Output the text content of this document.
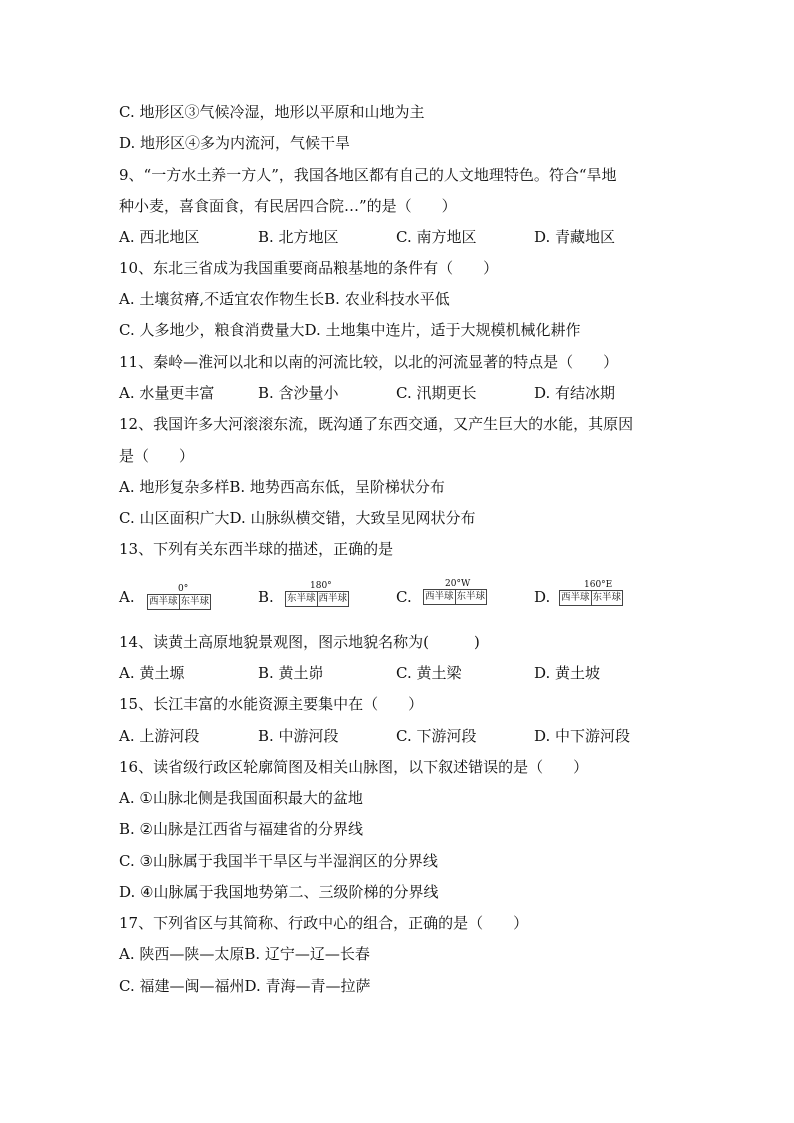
C. 地形区③气候冷湿，地形以平原和山地为主
D. 地形区④多为内流河，气候干旱
9、“一方水土养一方人”，我国各地区都有自己的人文地理特色。符合“旱地
种小麦，喜食面食，有民居四合院…”的是（　　）
A. 西北地区	B. 北方地区	C. 南方地区	D. 青藏地区
10、东北三省成为我国重要商品粮基地的条件有（　　）
A. 土壤贫瘠,不适宜农作物生长B. 农业科技水平低
C. 人多地少，粮食消费量大D. 土地集中连片，适于大规模机械化耕作
11、秦岭—淮河以北和以南的河流比较，以北的河流显著的特点是（　　）
A. 水量更丰富	B. 含沙量小	C. 汛期更长	D. 有结冰期
12、我国许多大河滚滚东流，既沟通了东西交通，又产生巨大的水能，其原因
是（　　）
A. 地形复杂多样B. 地势西高东低，呈阶梯状分布
C. 山区面积广大D. 山脉纵横交错，大致呈见网状分布
13、下列有关东西半球的描述，正确的是
A.	0°
西半球 东半球	B.
180°
东半球 西半球	C.
20°W
西半球 东半球	D.
160°E
西半球 东半球
14、读黄土高原地貌景观图，图示地貌名称为(　　　)
A. 黄土塬	B. 黄土峁	C. 黄土梁	D. 黄土坡
15、长江丰富的水能资源主要集中在（　　）
A. 上游河段	B. 中游河段	C. 下游河段	D. 中下游河段
16、读省级行政区轮廓简图及相关山脉图，以下叙述错误的是（　　）
A. ①山脉北侧是我国面积最大的盆地
B. ②山脉是江西省与福建省的分界线
C. ③山脉属于我国半干旱区与半湿润区的分界线
D. ④山脉属于我国地势第二、三级阶梯的分界线
17、下列省区与其简称、行政中心的组合，正确的是（　　）
A. 陕西—陕—太原B. 辽宁—辽—长春
C. 福建—闽—福州D. 青海—青—拉萨
